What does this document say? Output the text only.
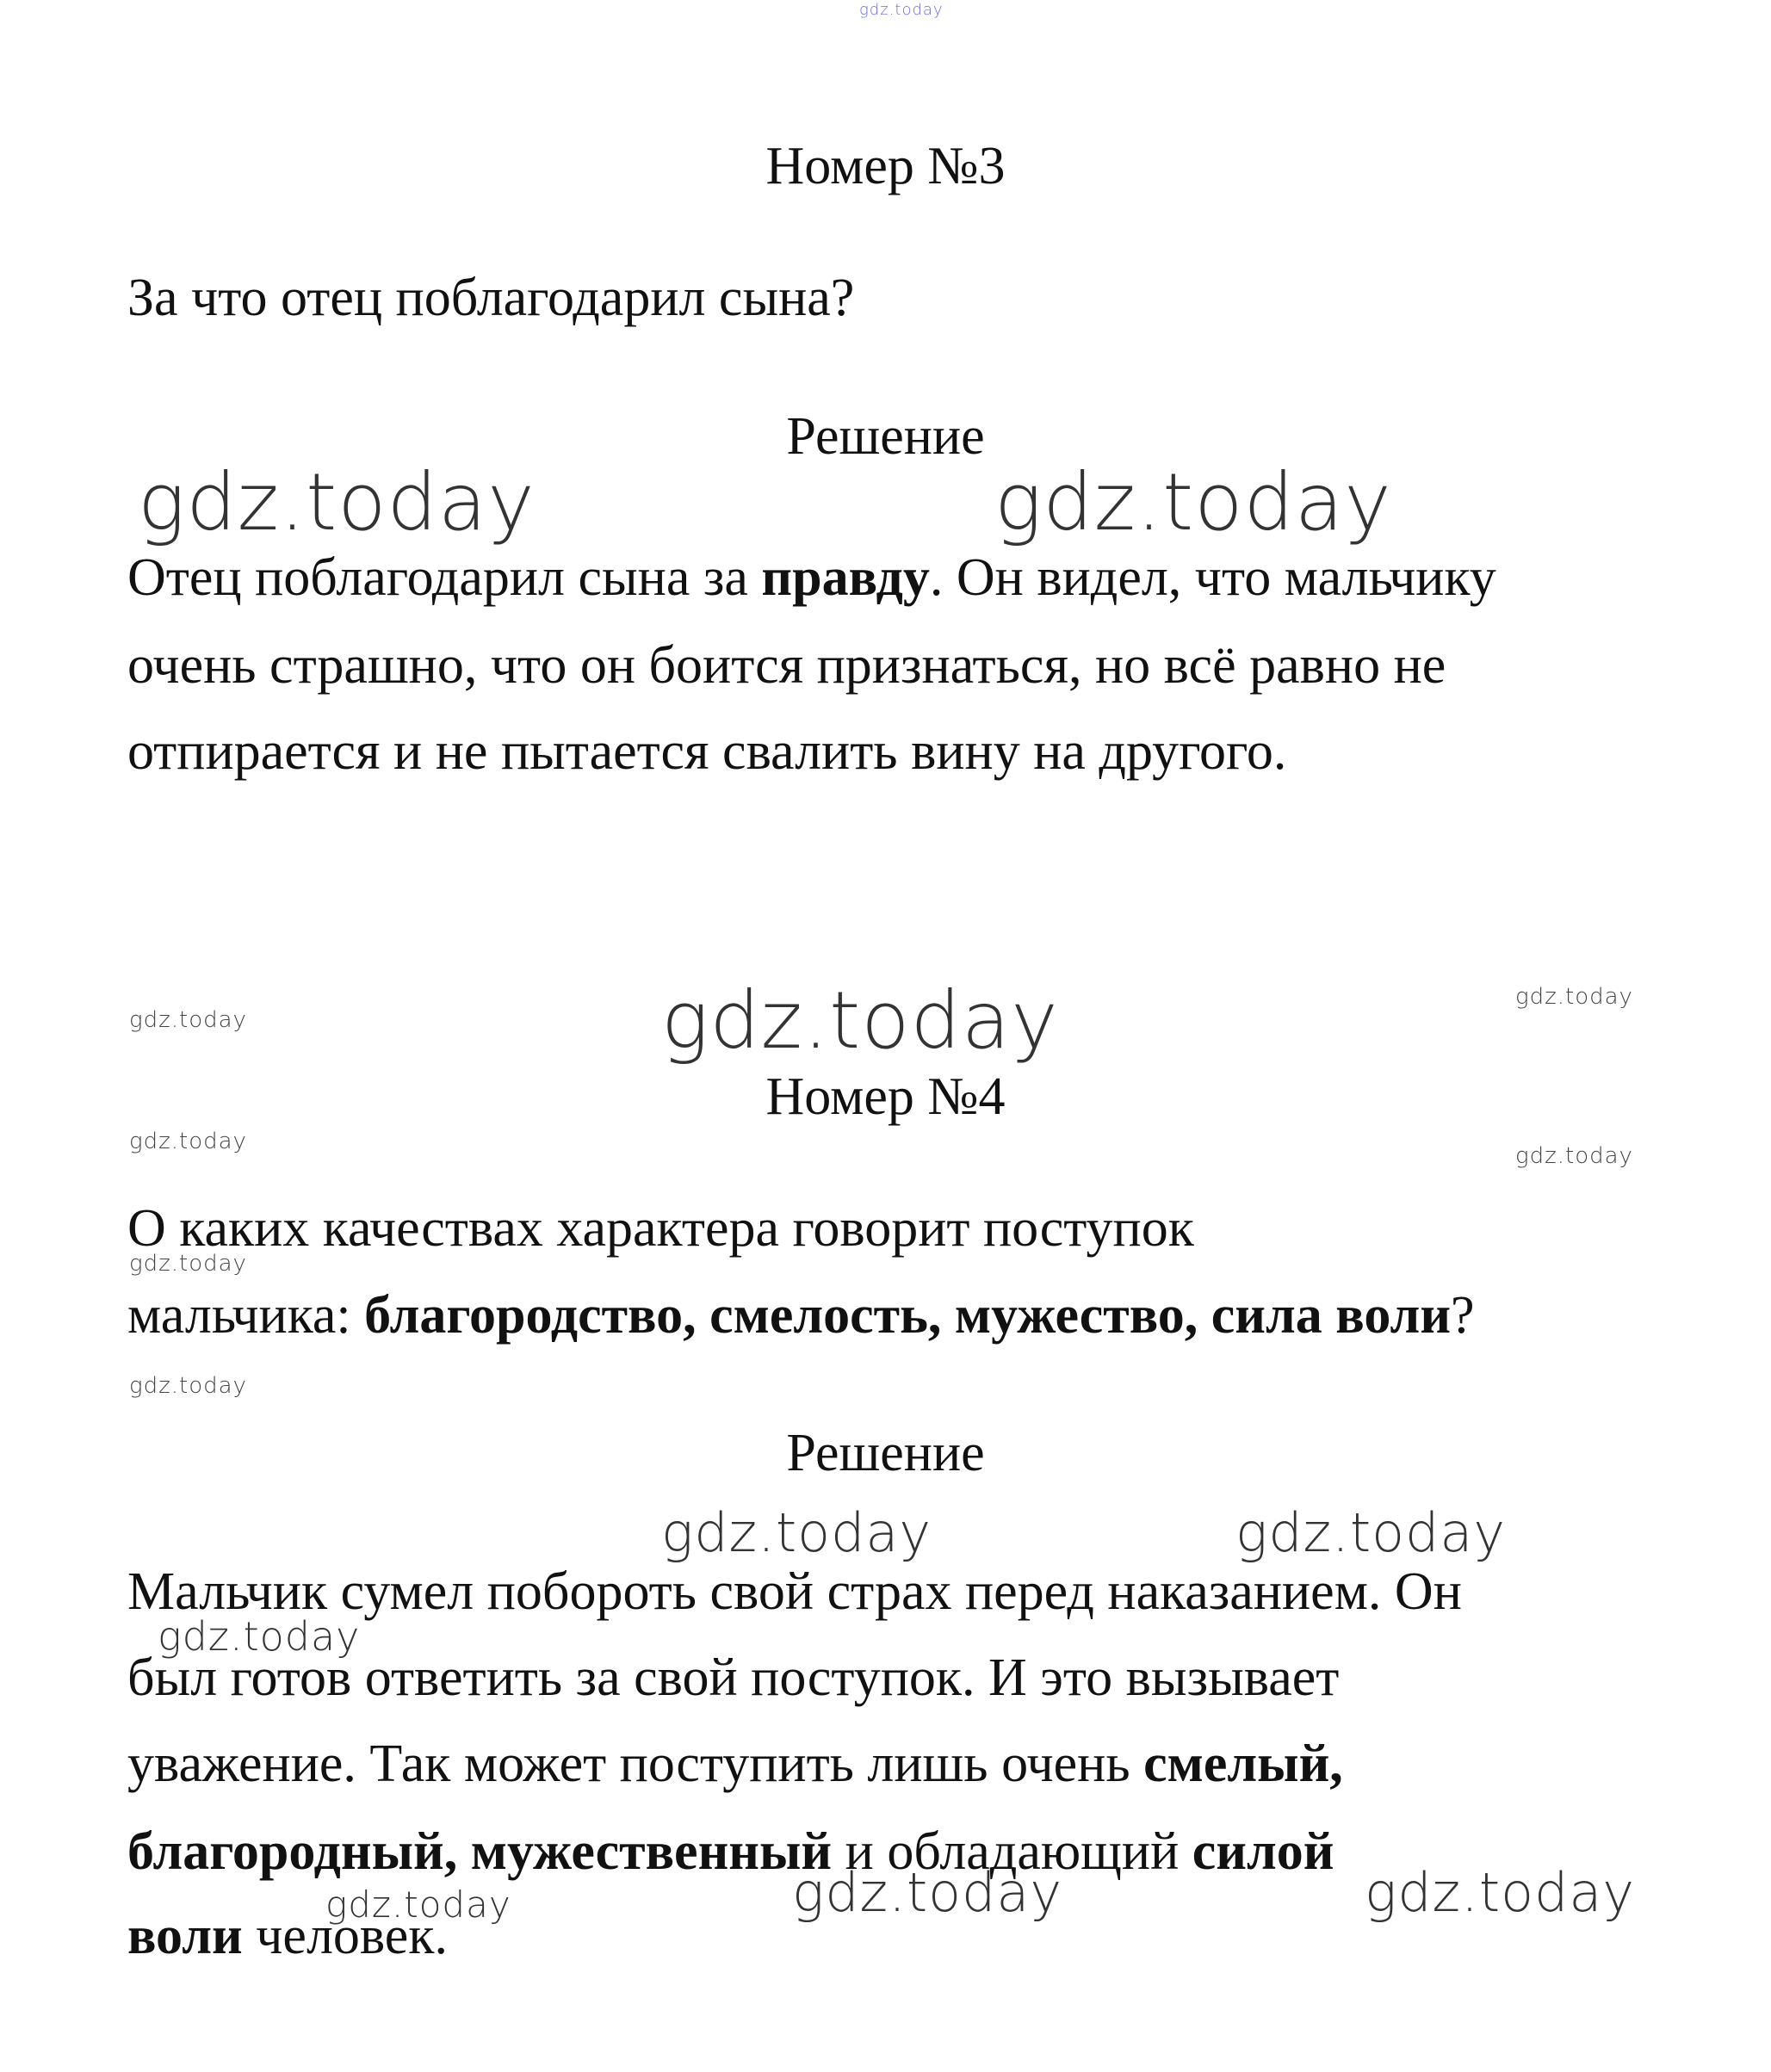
gdz.today
Номер №3
За что отец поблагодарил сына?
Решение
gdz.today	gdz.today
Отец поблагодарил сына за правду. Он видел, что мальчику
очень страшно, что он боится признаться, но всё равно не
отпирается и не пытается свалить вину на другого.
gdz.today
gdz.today	gdz.today
Номер №4
gdz.today
gdz.today
О каких качествах характера говорит поступок
gdz.today
мальчика: благородство, смелость, мужество, сила воли?
gdz.today
Решение
gdz.today	gdz.today
Мальчик сумел побороть свой страх перед наказанием. Он
gdz.today
был готов ответить за свой поступок. И это вызывает
уважение. Так может поступить лишь очень смелый,
благородный, мужественный и обладающий силой
gdz.today	gdz.today	gdz.today
воли человек.
